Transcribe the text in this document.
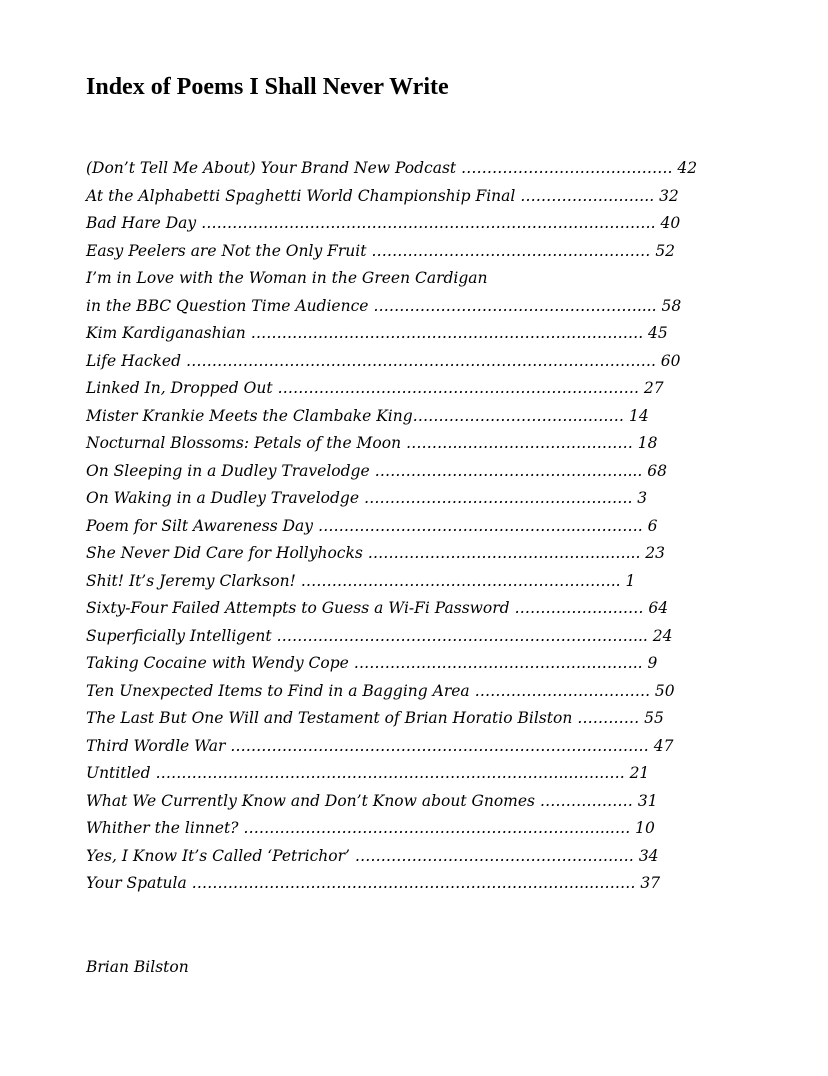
Index of Poems I Shall Never Write
(Don’t Tell Me About) Your Brand New Podcast ……………….…………………. 42
At the Alphabetti Spaghetti World Championship Final …………………….. 32
Bad Hare Day ……………………………………………………………………………. 40
Easy Peelers are Not the Only Fruit ……………………………………………… 52
I’m in Love with the Woman in the Green Cardigan
in the BBC Question Time Audience …………………………………………….... 58
Kim Kardiganashian …………………………………………………………………. 45
Life Hacked ………………………………………………………………………………. 60
Linked In, Dropped Out ……………………………………………………………. 27
Mister Krankie Meets the Clambake King…………….…………….……… 14
Nocturnal Blossoms: Petals of the Moon ………..…………………………… 18
On Sleeping in a Dudley Travelodge ………………………………………….... 68
On Waking in a Dudley Travelodge ……………………………………………. 3
Poem for Silt Awareness Day …………………………………………..…………. 6
She Never Did Care for Hollyhocks ………………………………………..…... 23
Shit! It’s Jeremy Clarkson! …………………………………………………….. 1
Sixty-Four Failed Attempts to Guess a Wi-Fi Password ………………….… 64
Superficially Intelligent ……………………………………………………………... 24
Taking Cocaine with Wendy Cope ……………………………………………….. 9
Ten Unexpected Items to Find in a Bagging Area ……………………………. 50
The Last But One Will and Testament of Brian Horatio Bilston ………… 55
Third Wordle War ……………………………………………………………………… 47
Untitled ……………………………………………………………………..…….…. 21
What We Currently Know and Don’t Know about Gnomes ……………… 31
Whither the linnet? ……………………………………………………………..…. 10
Yes, I Know It’s Called ‘Petrichor’ ……………………………………………… 34
Your Spatula …………………………………………………………………..……… 37

Brian Bilston
